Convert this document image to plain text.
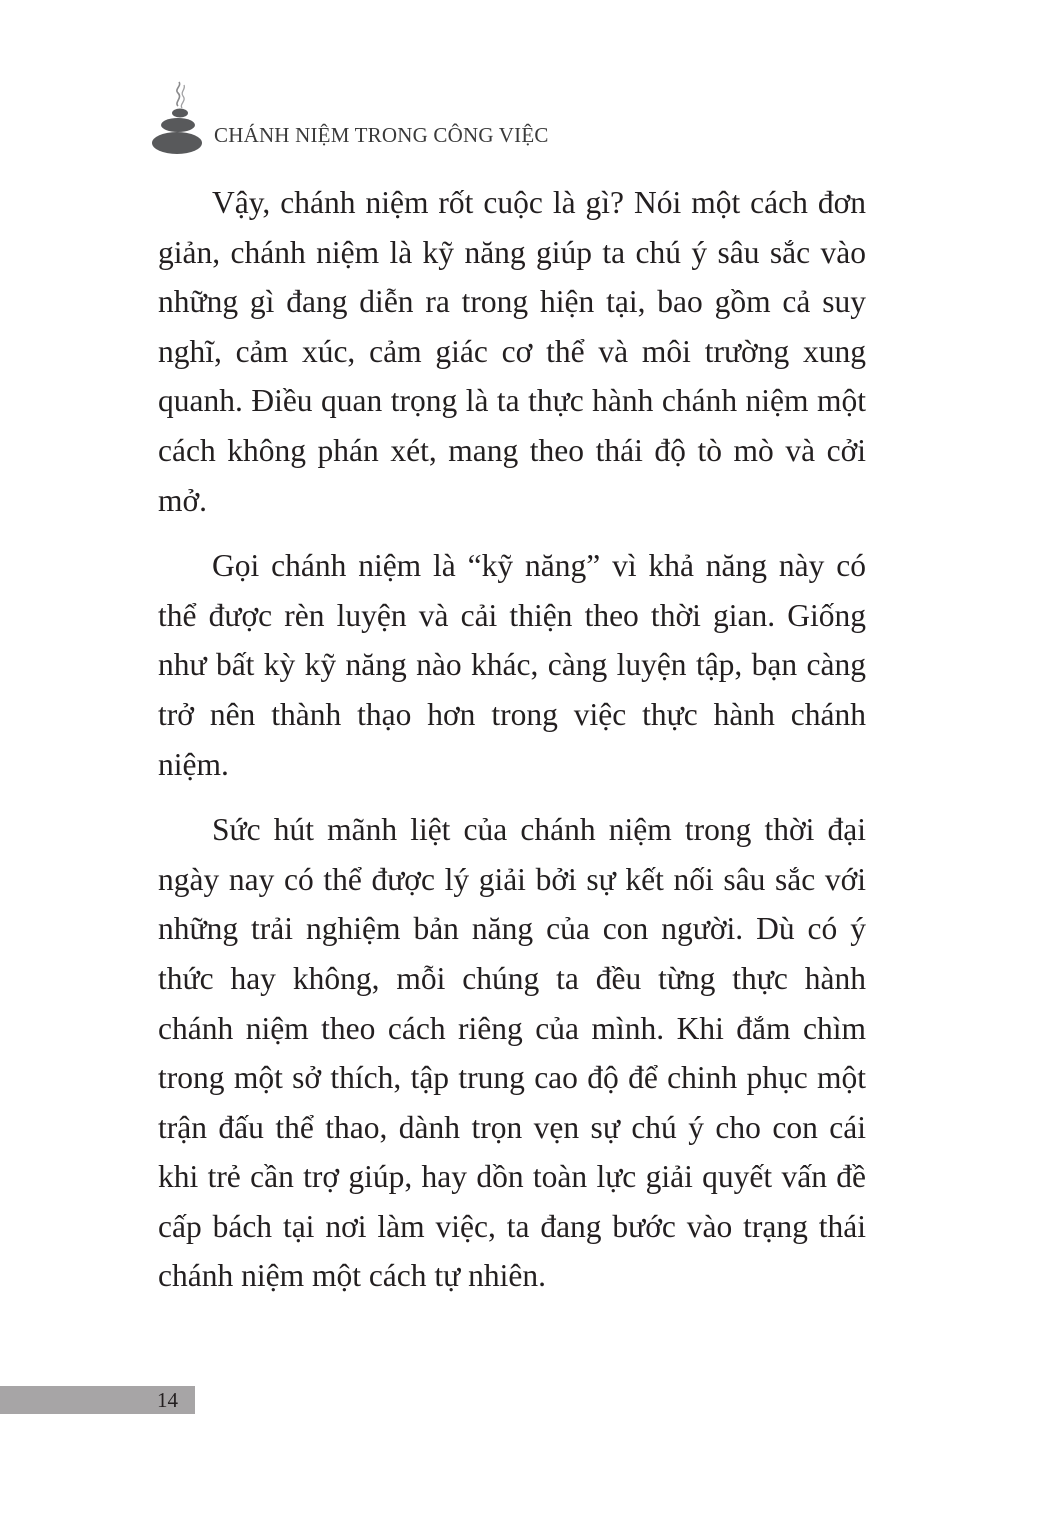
CHÁNH NIỆM TRONG CÔNG VIỆC

Vậy, chánh niệm rốt cuộc là gì? Nói một cách đơn giản, chánh niệm là kỹ năng giúp ta chú ý sâu sắc vào những gì đang diễn ra trong hiện tại, bao gồm cả suy nghĩ, cảm xúc, cảm giác cơ thể và môi trường xung quanh. Điều quan trọng là ta thực hành chánh niệm một cách không phán xét, mang theo thái độ tò mò và cởi mở.

Gọi chánh niệm là “kỹ năng” vì khả năng này có thể được rèn luyện và cải thiện theo thời gian. Giống như bất kỳ kỹ năng nào khác, càng luyện tập, bạn càng trở nên thành thạo hơn trong việc thực hành chánh niệm.

Sức hút mãnh liệt của chánh niệm trong thời đại ngày nay có thể được lý giải bởi sự kết nối sâu sắc với những trải nghiệm bản năng của con người. Dù có ý thức hay không, mỗi chúng ta đều từng thực hành chánh niệm theo cách riêng của mình. Khi đắm chìm trong một sở thích, tập trung cao độ để chinh phục một trận đấu thể thao, dành trọn vẹn sự chú ý cho con cái khi trẻ cần trợ giúp, hay dồn toàn lực giải quyết vấn đề cấp bách tại nơi làm việc, ta đang bước vào trạng thái chánh niệm một cách tự nhiên.

14
